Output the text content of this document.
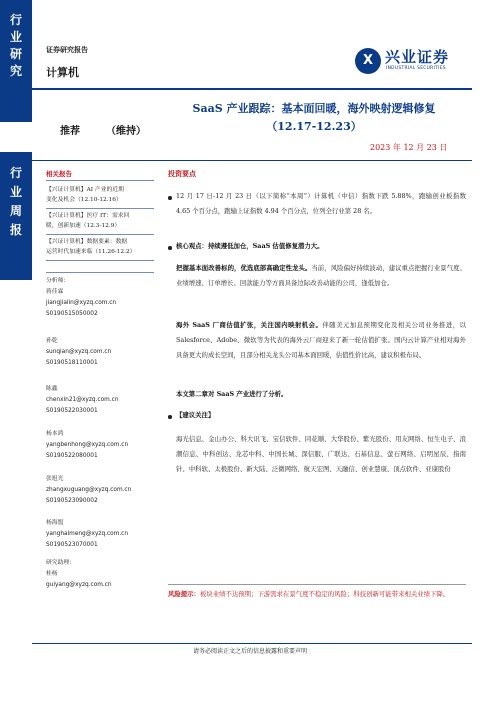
行
业
研
究
行
业
周
报
证券研究报告
计算机
X 兴业证券
INDUSTRIAL SECURITIES
推荐	（维持）
SaaS 产业跟踪：基本面回暖，海外映射逻辑修复
（12.17-12.23）
2023 年 12 月 23 日
相关报告
【兴证计算机】AI 产业的近期
变化及机会（12.10-12.16）
【兴证计算机】医疗 IT：需求回
暖，创新加速（12.3-12.9）
【兴证计算机】数据要素：数据
运营时代加速来临（11.26-12.2）
分析师：
蒋佳霖
jiangjialin@xyzq.com.cn
S0190515050002
孙乾
sunqian@xyzq.com.cn
S0190518110001
陈鑫
chenxin21@xyzq.com.cn
S0190522030001
杨本鸿
yangbenhong@xyzq.com.cn
S0190522080001
张旭光
zhangxuguang@xyzq.com.cn
S0190523090002
杨海盟
yanghaimeng@xyzq.com.cn
S0190523070001
研究助理：
桂杨
guiyang@xyzq.com.cn
投资要点
12 月 17 日-12 月 23 日（以下简称“本周”）计算机（中信）指数下跌 5.88%，跑输创业板指数 4.65 个百分点，跑输上证指数 4.94 个百分点，位列全行业第 28 名。
核心观点：持续遵低加仓，SaaS 估值修复潜力大。
把握基本面改善标的，优选底部高确定性龙头。当前，风险偏好持续波动，建议重点把握行业景气度、业绩增速、订单增长、回款能力等方面具备边际改善动能的公司，逢低加仓。
海外 SaaS 厂商估值扩张，关注国内映射机会。伴随美元加息预期变化及相关公司业务推进，以 Salesforce、Adobe、微软等为代表的海外云厂商迎来了新一轮估值扩张。国内云计算产业相对海外具备更大的成长空间，且部分相关龙头公司基本面回暖，估值性价比高，建议积极布局。
本文第二章对 SaaS 产业进行了分析。
【建议关注】
海光信息、金山办公、科大讯飞、宝信软件、同花顺、大华股份、紫光股份、用友网络、恒生电子、浪潮信息、中科创达、龙芯中科、中国长城、深信服、广联达、石基信息、萤石网络、启明星辰、指南针、中科软、太极股份、新大陆、泛微网络、航天宏图、天融信、创业慧康、顶点软件、亚康股份
风险提示：板块业绩不达预期；下游需求在景气度不稳定的风险；科技创新可能带来相关业绩下降。
请务必阅读正文之后的信息披露和重要声明
